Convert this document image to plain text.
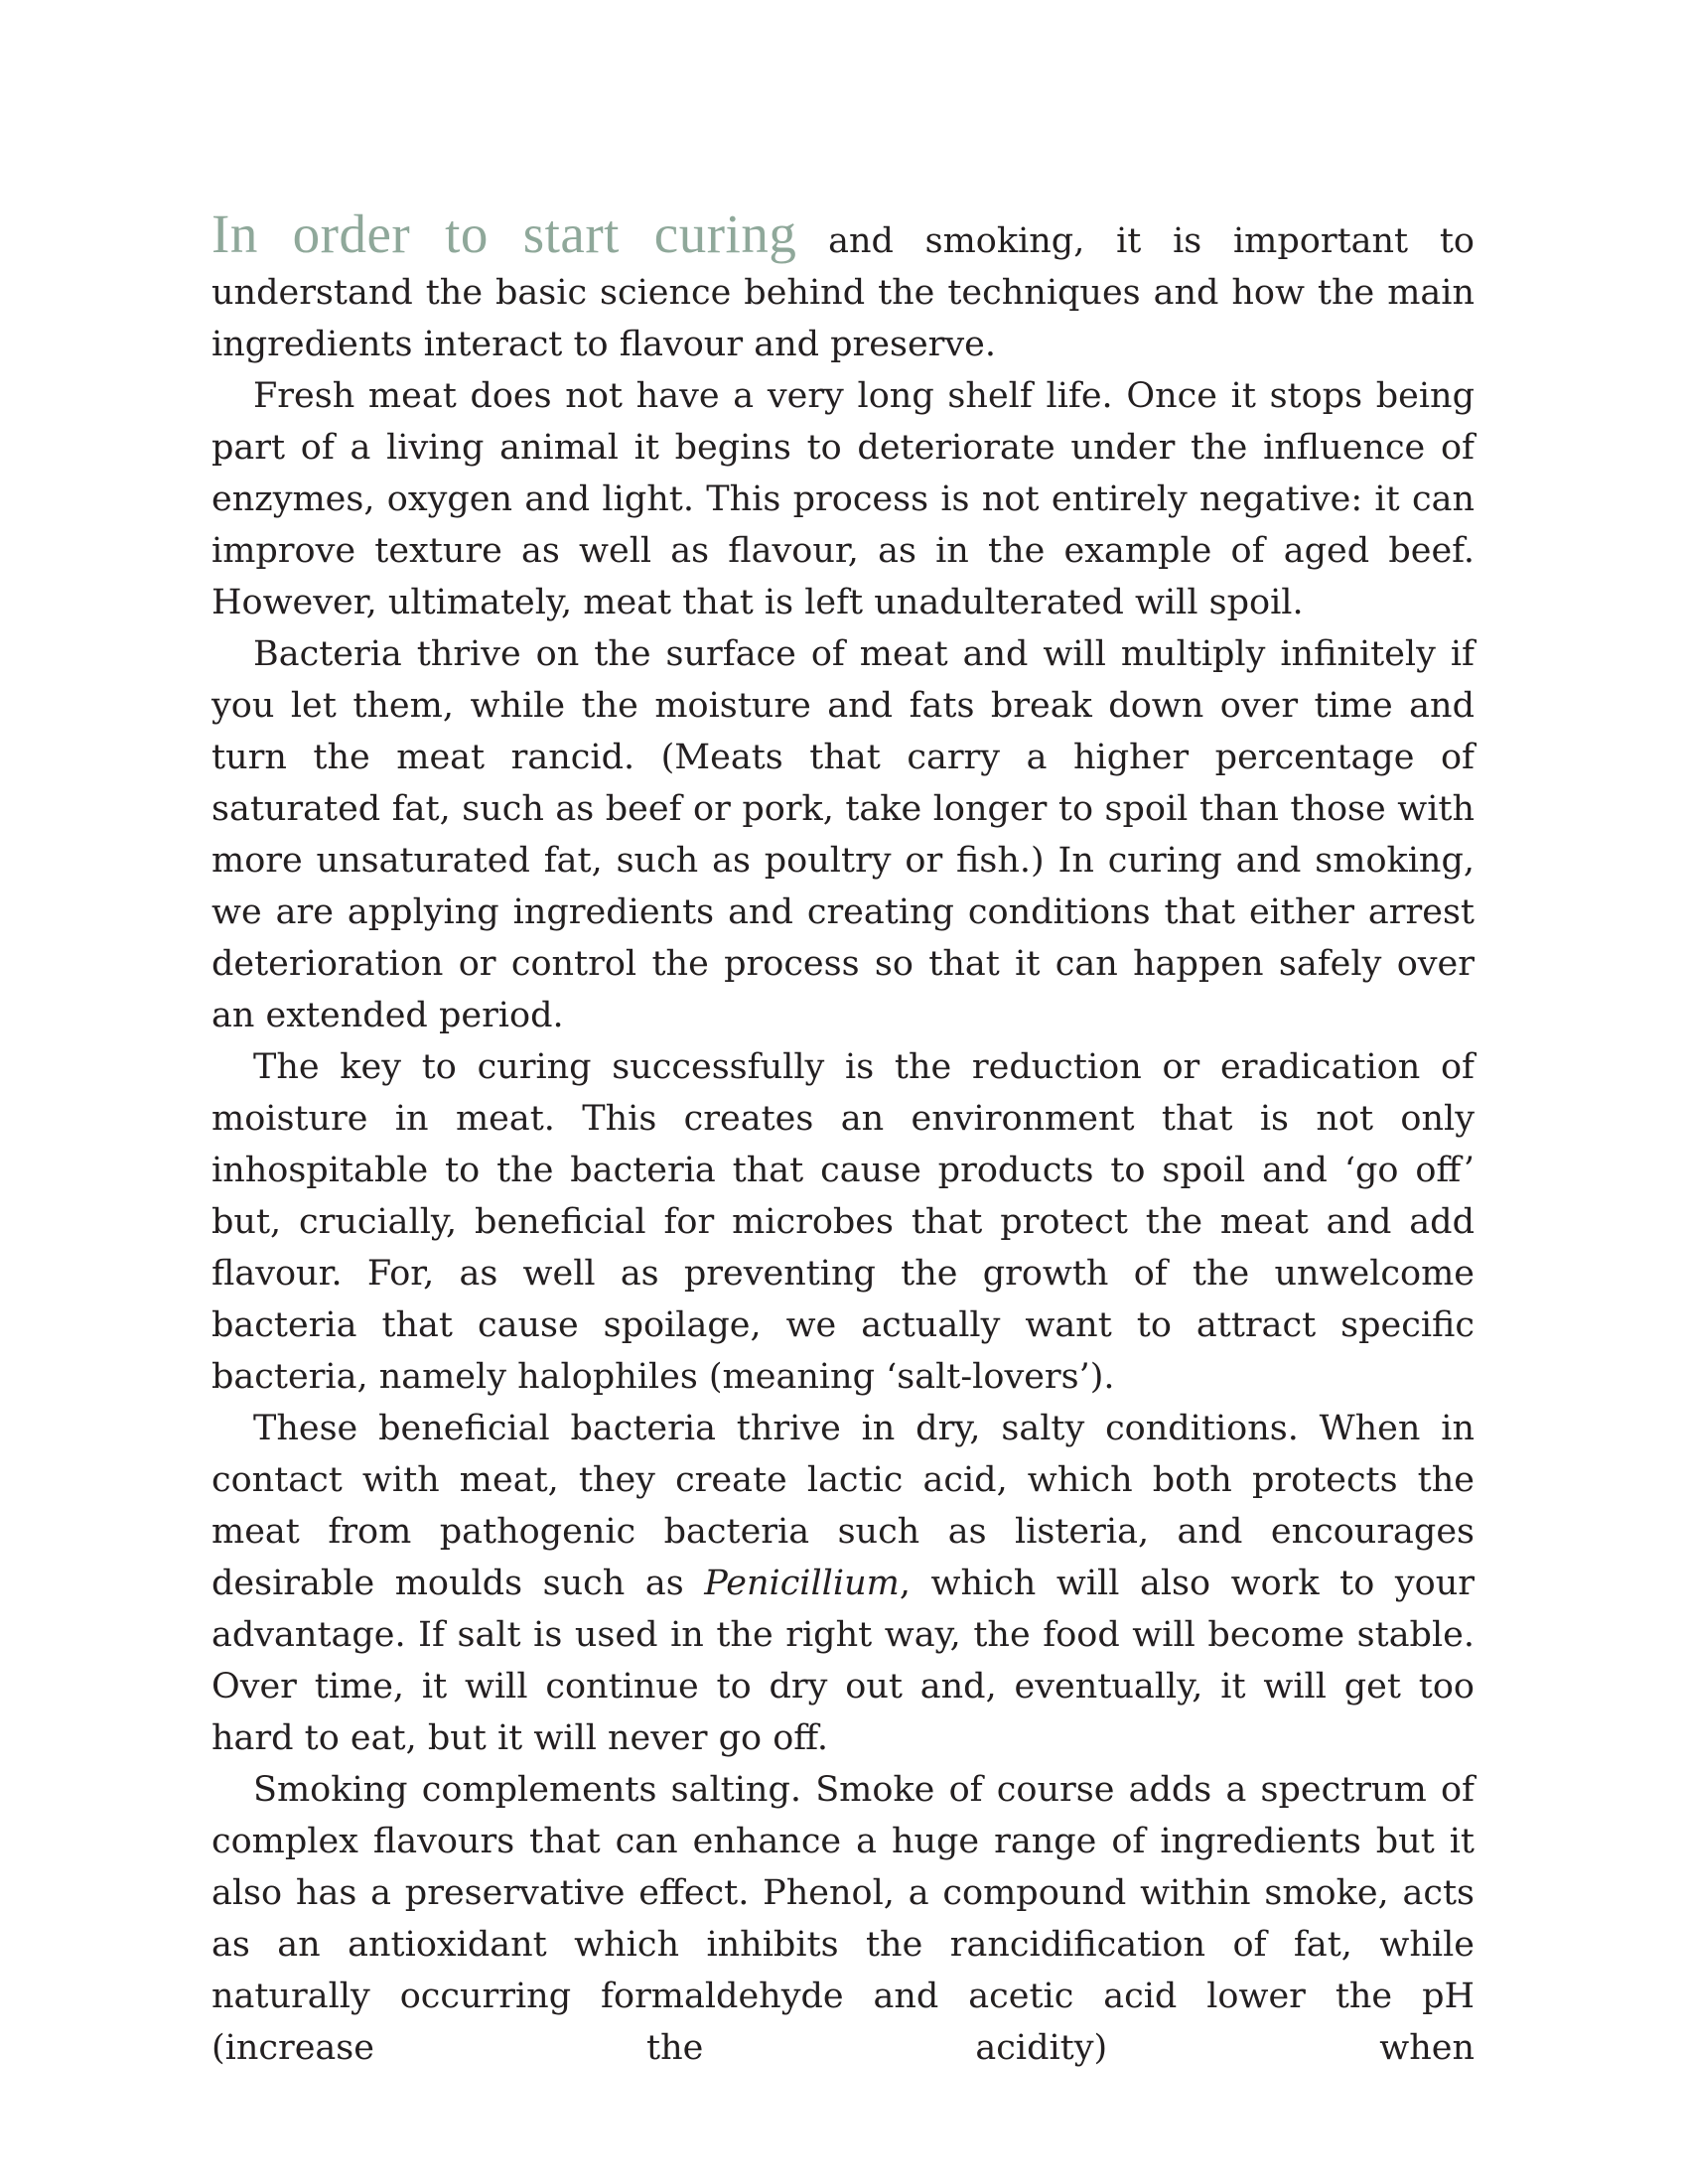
In order to start curing and smoking, it is important to understand the basic science behind the techniques and how the main ingredients interact to flavour and preserve.

Fresh meat does not have a very long shelf life. Once it stops being part of a living animal it begins to deteriorate under the influence of enzymes, oxygen and light. This process is not entirely negative: it can improve texture as well as flavour, as in the example of aged beef. However, ultimately, meat that is left unadulterated will spoil.

Bacteria thrive on the surface of meat and will multiply infinitely if you let them, while the moisture and fats break down over time and turn the meat rancid. (Meats that carry a higher percentage of saturated fat, such as beef or pork, take longer to spoil than those with more unsaturated fat, such as poultry or fish.) In curing and smoking, we are applying ingredients and creating conditions that either arrest deterioration or control the process so that it can happen safely over an extended period.

The key to curing successfully is the reduction or eradication of moisture in meat. This creates an environment that is not only inhospitable to the bacteria that cause products to spoil and ‘go off’ but, crucially, beneficial for microbes that protect the meat and add flavour. For, as well as preventing the growth of the unwelcome bacteria that cause spoilage, we actually want to attract specific bacteria, namely halophiles (meaning ‘salt-lovers’).

These beneficial bacteria thrive in dry, salty conditions. When in contact with meat, they create lactic acid, which both protects the meat from pathogenic bacteria such as listeria, and encourages desirable moulds such as Penicillium, which will also work to your advantage. If salt is used in the right way, the food will become stable. Over time, it will continue to dry out and, eventually, it will get too hard to eat, but it will never go off.

Smoking complements salting. Smoke of course adds a spectrum of complex flavours that can enhance a huge range of ingredients but it also has a preservative effect. Phenol, a compound within smoke, acts as an antioxidant which inhibits the rancidification of fat, while naturally occurring formaldehyde and acetic acid lower the pH (increase the acidity) when
